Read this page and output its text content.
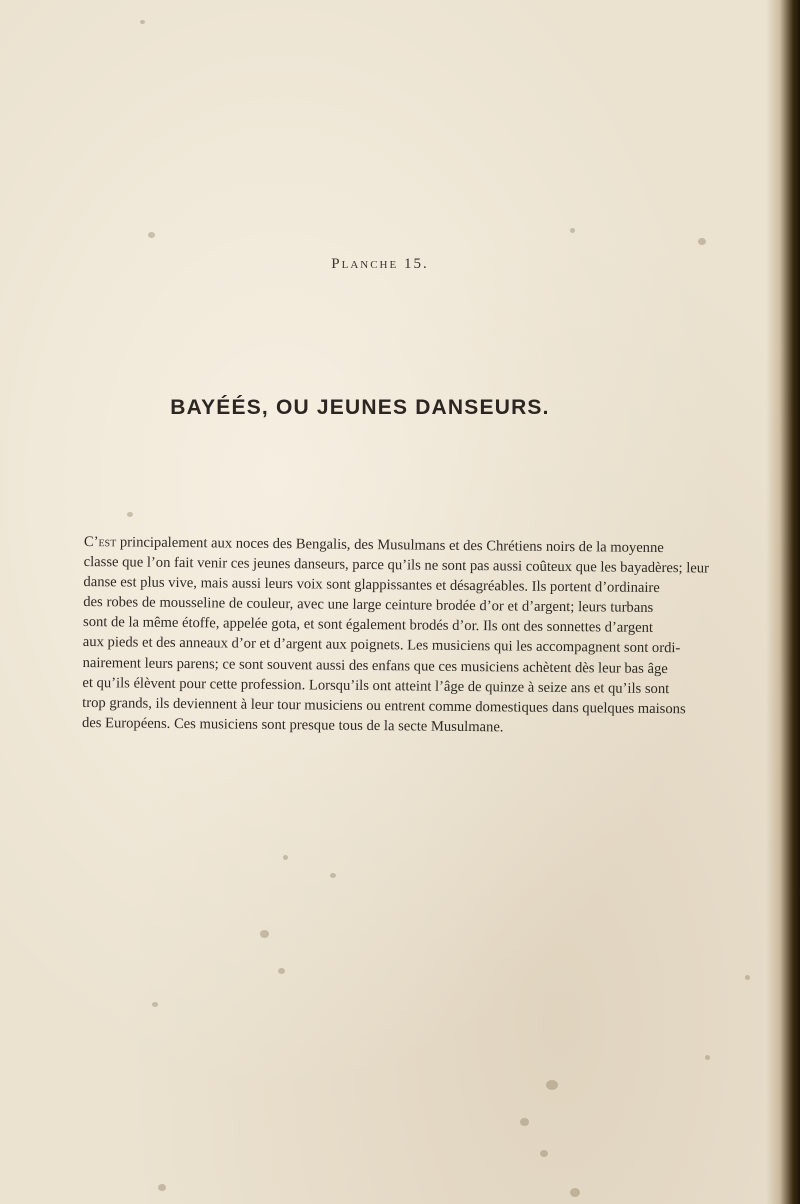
Planche 15.
BAYÉÉS, OU JEUNES DANSEURS.
C’est principalement aux noces des Bengalis, des Musulmans et des Chrétiens noirs de la moyenne
classe que l’on fait venir ces jeunes danseurs, parce qu’ils ne sont pas aussi coûteux que les bayadères; leur
danse est plus vive, mais aussi leurs voix sont glappissantes et désagréables. Ils portent d’ordinaire
des robes de mousseline de couleur, avec une large ceinture brodée d’or et d’argent; leurs turbans
sont de la même étoffe, appelée gota, et sont également brodés d’or. Ils ont des sonnettes d’argent
aux pieds et des anneaux d’or et d’argent aux poignets. Les musiciens qui les accompagnent sont ordi-
nairement leurs parens; ce sont souvent aussi des enfans que ces musiciens achètent dès leur bas âge
et qu’ils élèvent pour cette profession. Lorsqu’ils ont atteint l’âge de quinze à seize ans et qu’ils sont
trop grands, ils deviennent à leur tour musiciens ou entrent comme domestiques dans quelques maisons
des Européens. Ces musiciens sont presque tous de la secte Musulmane.
